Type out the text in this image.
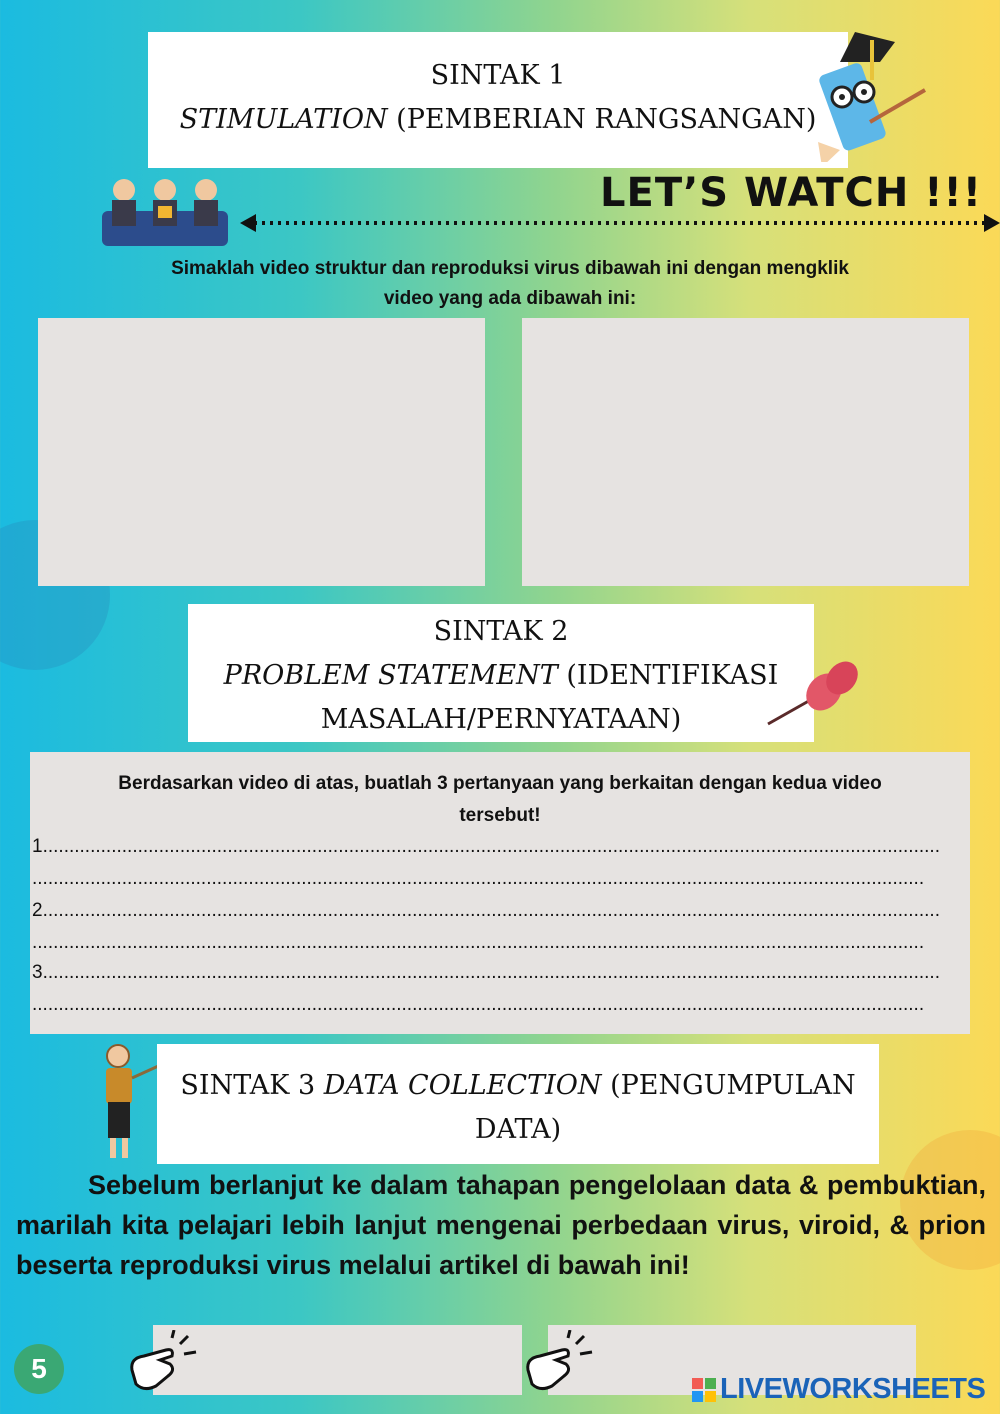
SINTAK 1
STIMULATION (PEMBERIAN RANGSANGAN)
LET’S WATCH !!!
Simaklah video struktur dan reproduksi virus dibawah ini dengan mengklik
video yang ada dibawah ini:
SINTAK 2
PROBLEM STATEMENT (IDENTIFIKASI
MASALAH/PERNYATAAN)
Berdasarkan video di atas, buatlah 3 pertanyaan yang berkaitan dengan kedua video
tersebut!
1..........................................................................................................................................................................
.........................................................................................................................................................................
2..........................................................................................................................................................................
.........................................................................................................................................................................
3..........................................................................................................................................................................
.........................................................................................................................................................................
SINTAK 3 DATA COLLECTION (PENGUMPULAN
DATA)
Sebelum berlanjut ke dalam tahapan pengelolaan data & pembuktian, marilah kita pelajari lebih lanjut mengenai perbedaan virus, viroid, & prion beserta reproduksi virus melalui artikel di bawah ini!
5
LIVEWORKSHEETS
